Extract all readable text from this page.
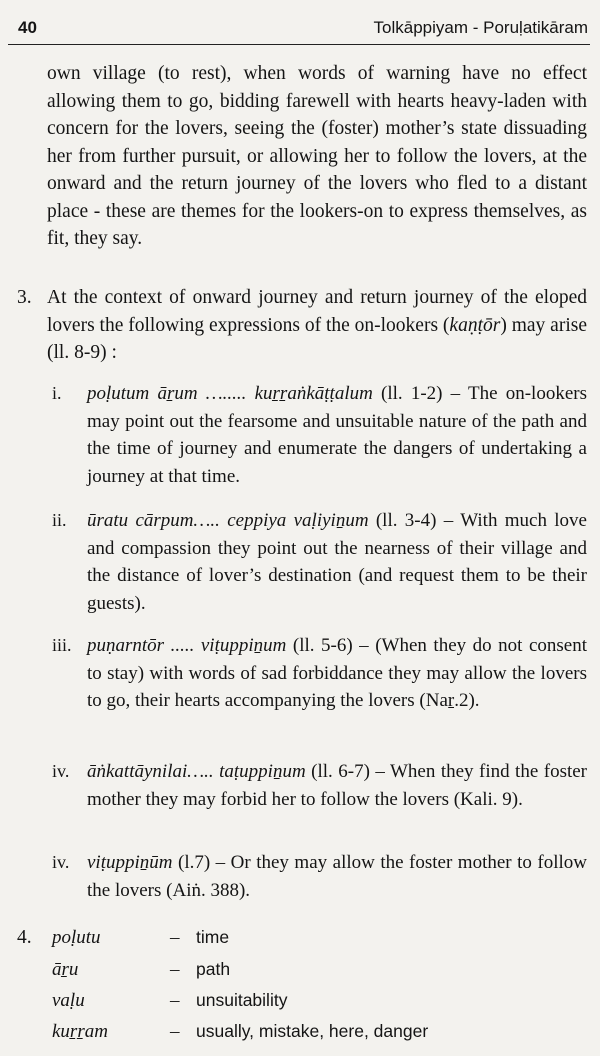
40	Tolkāppiyam - Poruḷatikāram
own village (to rest), when words of warning have no effect allowing them to go, bidding farewell with hearts heavy-laden with concern for the lovers, seeing the (foster) mother’s state dissuading her from further pursuit, or allowing her to follow the lovers, at the onward and the return journey of the lovers who fled to a distant place - these are themes for the lookers-on to express themselves, as fit, they say.
3. At the context of onward journey and return journey of the eloped lovers the following expressions of the on-lookers (kaṇṭōr) may arise (ll. 8-9) :
i. poḷutum āṟum …..... kuṟṟaṅkāṭṭalum (ll. 1-2) – The on-lookers may point out the fearsome and unsuitable nature of the path and the time of journey and enumerate the dangers of undertaking a journey at that time.
ii. ūratu cārpum….. ceppiya vaḷiyiṉum (ll. 3-4) – With much love and compassion they point out the nearness of their village and the distance of lover’s destination (and request them to be their guests).
iii. puṇarntōr ..... viṭuppiṉum (ll. 5-6) – (When they do not consent to stay) with words of sad forbiddance they may allow the lovers to go, their hearts accompanying the lovers (Naṟ.2).
iv. āṅkattāynilai….. taṭuppiṉum (ll. 6-7) – When they find the foster mother they may forbid her to follow the lovers (Kali. 9).
iv. viṭuppiṉūm (l.7) – Or they may allow the foster mother to follow the lovers (Aiṅ. 388).
4. poḷutu	– time
āṟu	– path
vaḷu	– unsuitability
kuṟṟam	– usually, mistake, here, danger
